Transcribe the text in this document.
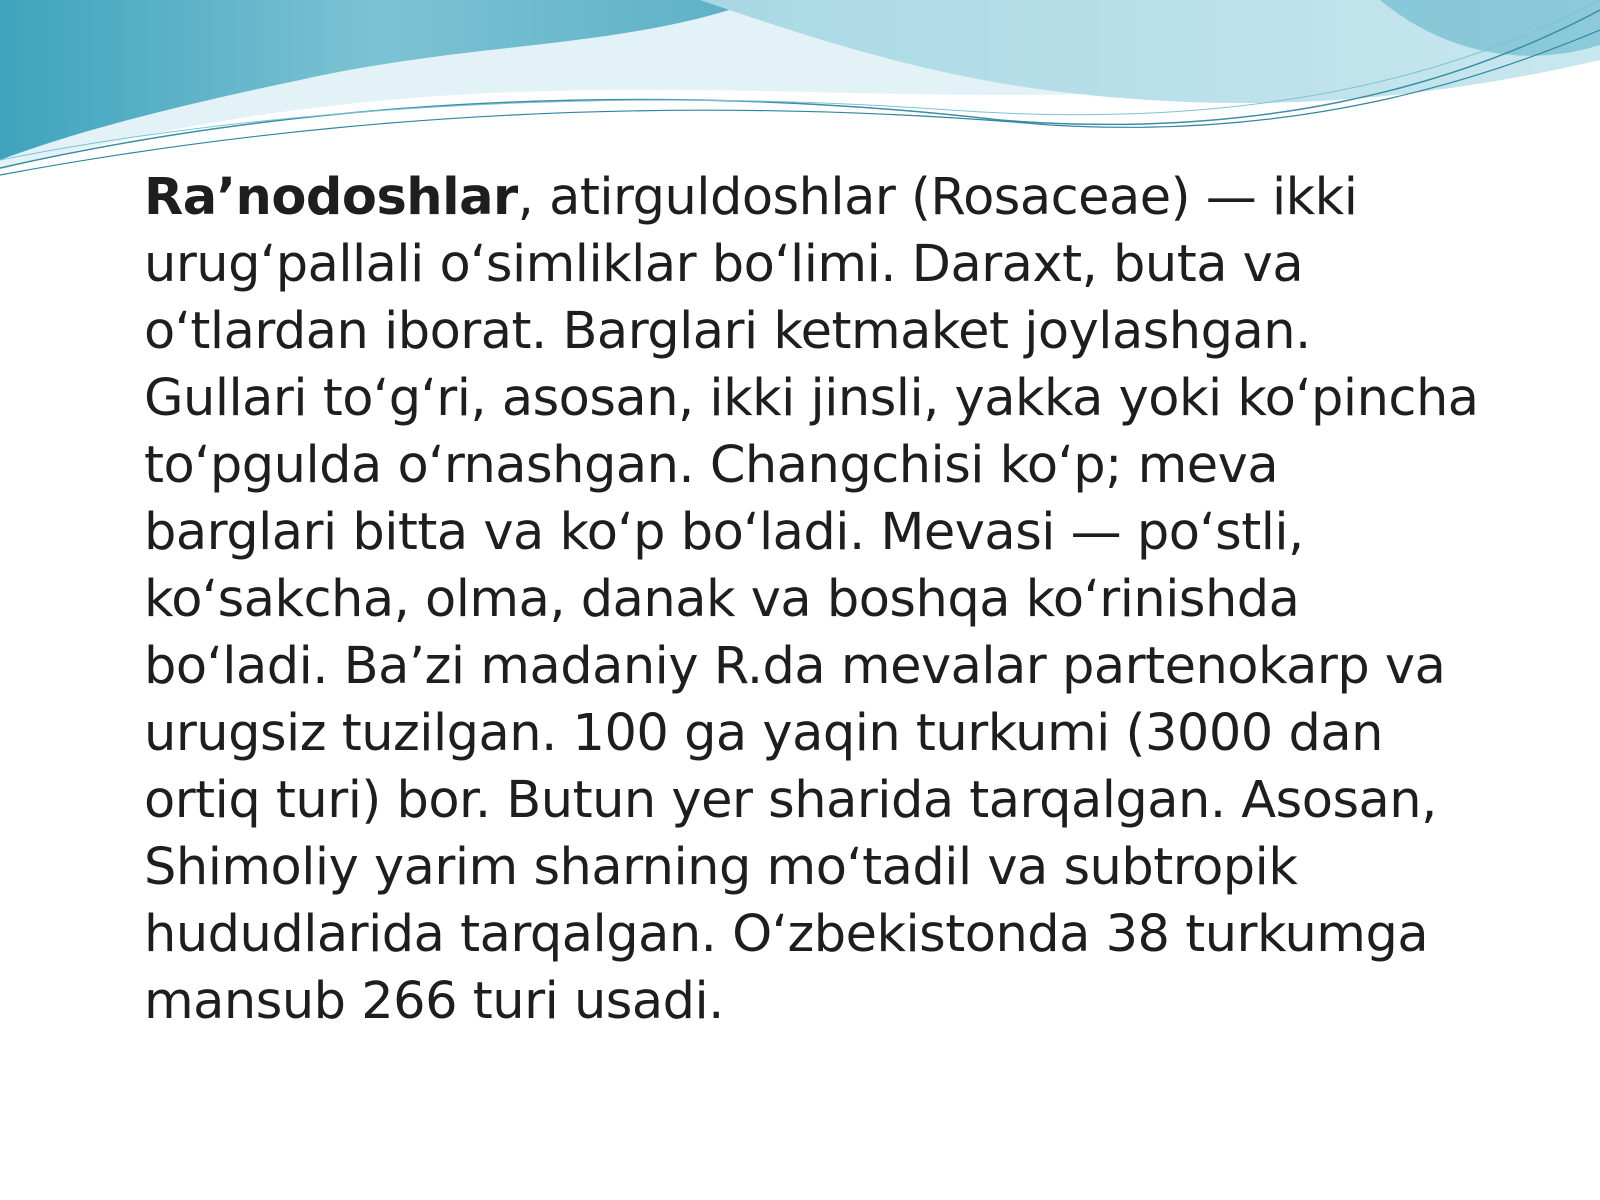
Ra’nodoshlar, atirguldoshlar (Rosaceae) — ikki
urug‘pallali o‘simliklar bo‘limi. Daraxt, buta va
o‘tlardan iborat. Barglari ketmaket joylashgan.
Gullari to‘g‘ri, asosan, ikki jinsli, yakka yoki ko‘pincha
to‘pgulda o‘rnashgan. Changchisi ko‘p; meva
barglari bitta va ko‘p bo‘ladi. Mevasi — po‘stli,
ko‘sakcha, olma, danak va boshqa ko‘rinishda
bo‘ladi. Ba’zi madaniy R.da mevalar partenokarp va
urugsiz tuzilgan. 100 ga yaqin turkumi (3000 dan
ortiq turi) bor. Butun yer sharida tarqalgan. Asosan,
Shimoliy yarim sharning mo‘tadil va subtropik
hududlarida tarqalgan. O‘zbekistonda 38 turkumga
mansub 266 turi usadi.
